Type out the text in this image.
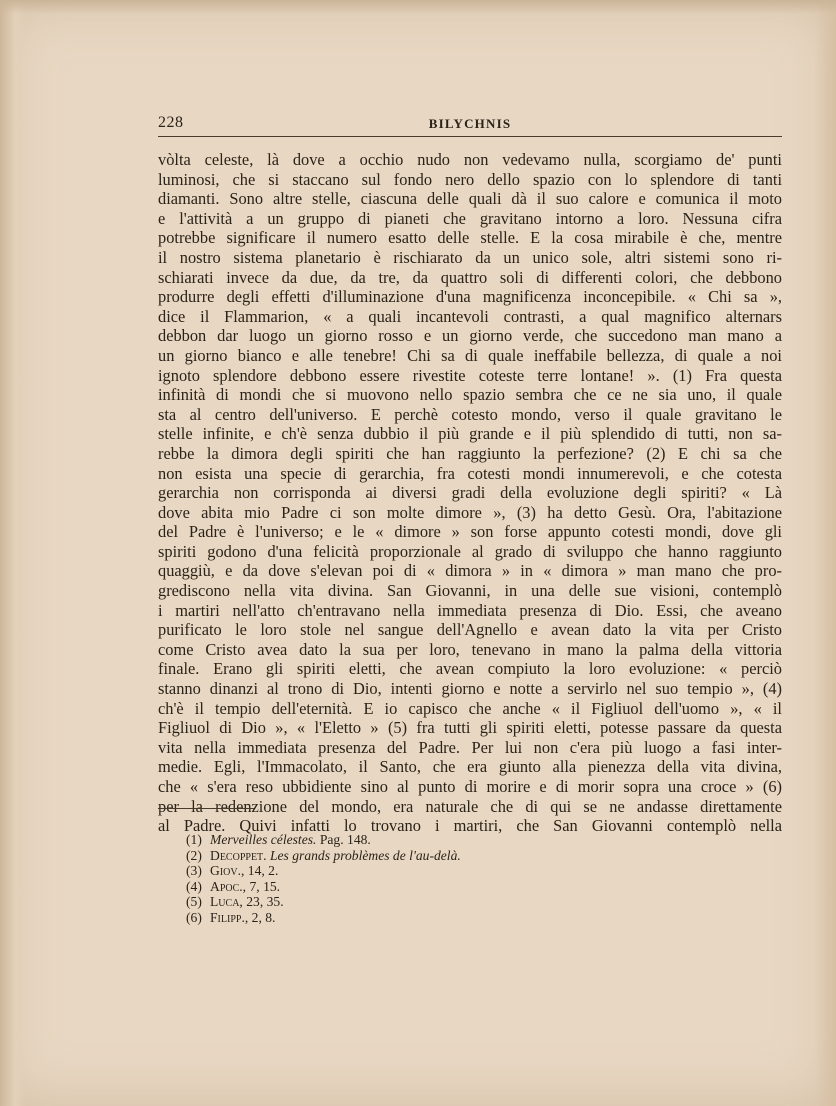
228	BILYCHNIS

vòlta celeste, là dove a occhio nudo non vedevamo nulla, scorgiamo de' punti
luminosi, che si staccano sul fondo nero dello spazio con lo splendore di tanti
diamanti. Sono altre stelle, ciascuna delle quali dà il suo calore e comunica il moto
e l'attività a un gruppo di pianeti che gravitano intorno a loro. Nessuna cifra
potrebbe significare il numero esatto delle stelle. E la cosa mirabile è che, mentre
il nostro sistema planetario è rischiarato da un unico sole, altri sistemi sono ri-
schiarati invece da due, da tre, da quattro soli di differenti colori, che debbono
produrre degli effetti d'illuminazione d'una magnificenza inconcepibile. « Chi sa »,
dice il Flammarion, « a quali incantevoli contrasti, a qual magnifico alternars
debbon dar luogo un giorno rosso e un giorno verde, che succedono man mano a
un giorno bianco e alle tenebre! Chi sa di quale ineffabile bellezza, di quale a noi
ignoto splendore debbono essere rivestite coteste terre lontane! ». (1) Fra questa
infinità di mondi che si muovono nello spazio sembra che ce ne sia uno, il quale
sta al centro dell'universo. E perchè cotesto mondo, verso il quale gravitano le
stelle infinite, e ch'è senza dubbio il più grande e il più splendido di tutti, non sa-
rebbe la dimora degli spiriti che han raggiunto la perfezione? (2) E chi sa che
non esista una specie di gerarchia, fra cotesti mondi innumerevoli, e che cotesta
gerarchia non corrisponda ai diversi gradi della evoluzione degli spiriti? « Là
dove abita mio Padre ci son molte dimore », (3) ha detto Gesù. Ora, l'abitazione
del Padre è l'universo; e le « dimore » son forse appunto cotesti mondi, dove gli
spiriti godono d'una felicità proporzionale al grado di sviluppo che hanno raggiunto
quaggiù, e da dove s'elevan poi di « dimora » in « dimora » man mano che pro-
grediscono nella vita divina. San Giovanni, in una delle sue visioni, contemplò
i martiri nell'atto ch'entravano nella immediata presenza di Dio. Essi, che aveano
purificato le loro stole nel sangue dell'Agnello e avean dato la vita per Cristo
come Cristo avea dato la sua per loro, tenevano in mano la palma della vittoria
finale. Erano gli spiriti eletti, che avean compiuto la loro evoluzione: « perciò
stanno dinanzi al trono di Dio, intenti giorno e notte a servirlo nel suo tempio », (4)
ch'è il tempio dell'eternità. E io capisco che anche « il Figliuol dell'uomo », « il
Figliuol di Dio », « l'Eletto » (5) fra tutti gli spiriti eletti, potesse passare da questa
vita nella immediata presenza del Padre. Per lui non c'era più luogo a fasi inter-
medie. Egli, l'Immacolato, il Santo, che era giunto alla pienezza della vita divina,
che « s'era reso ubbidiente sino al punto di morire e di morir sopra una croce » (6)
per la redenzione del mondo, era naturale che di qui se ne andasse direttamente
al Padre. Quivi infatti lo trovano i martiri, che San Giovanni contemplò nella

(1) Merveilles célestes. Pag. 148.
(2) Decoppet. Les grands problèmes de l'au-delà.
(3) Giov., 14, 2.
(4) Apoc., 7, 15.
(5) Luca, 23, 35.
(6) Filipp., 2, 8.
